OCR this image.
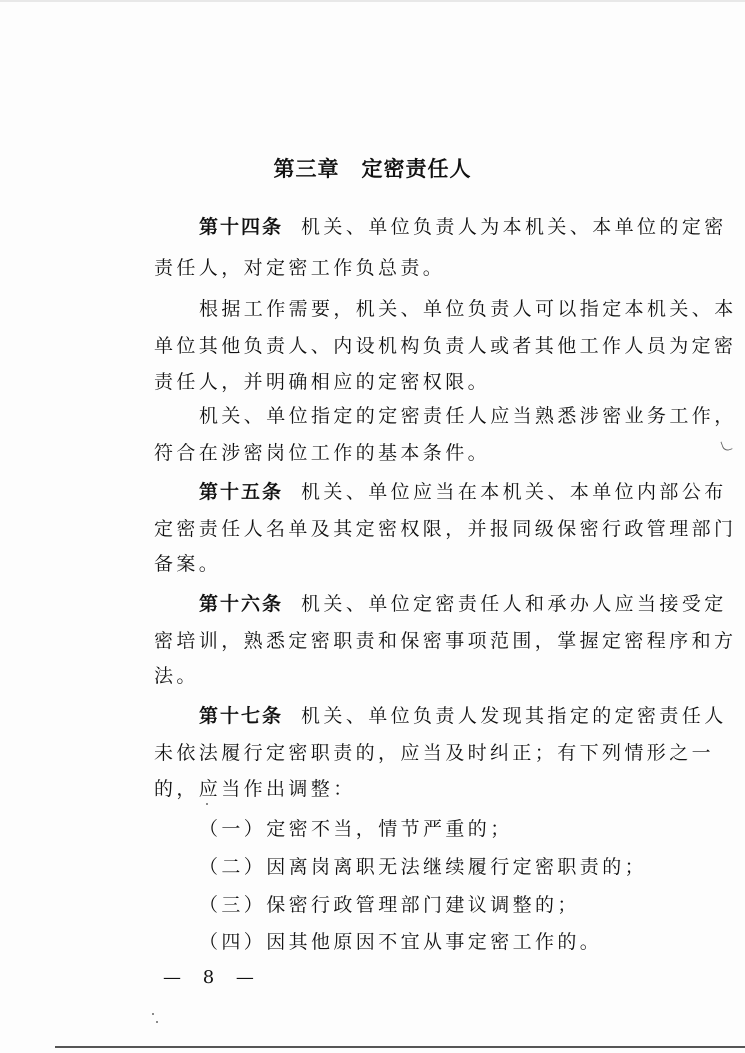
第三章 定密责任人
第十四条 机关、单位负责人为本机关、本单位的定密
责任人，对定密工作负总责。
根据工作需要，机关、单位负责人可以指定本机关、本
单位其他负责人、内设机构负责人或者其他工作人员为定密
责任人，并明确相应的定密权限。
机关、单位指定的定密责任人应当熟悉涉密业务工作，
符合在涉密岗位工作的基本条件。
第十五条 机关、单位应当在本机关、本单位内部公布
定密责任人名单及其定密权限，并报同级保密行政管理部门
备案。
第十六条 机关、单位定密责任人和承办人应当接受定
密培训，熟悉定密职责和保密事项范围，掌握定密程序和方
法。
第十七条 机关、单位负责人发现其指定的定密责任人
未依法履行定密职责的，应当及时纠正；有下列情形之一
的，应当作出调整：
（一）定密不当，情节严重的；
（二）因离岗离职无法继续履行定密职责的；
（三）保密行政管理部门建议调整的；
（四）因其他原因不宜从事定密工作的。
— 8 —
